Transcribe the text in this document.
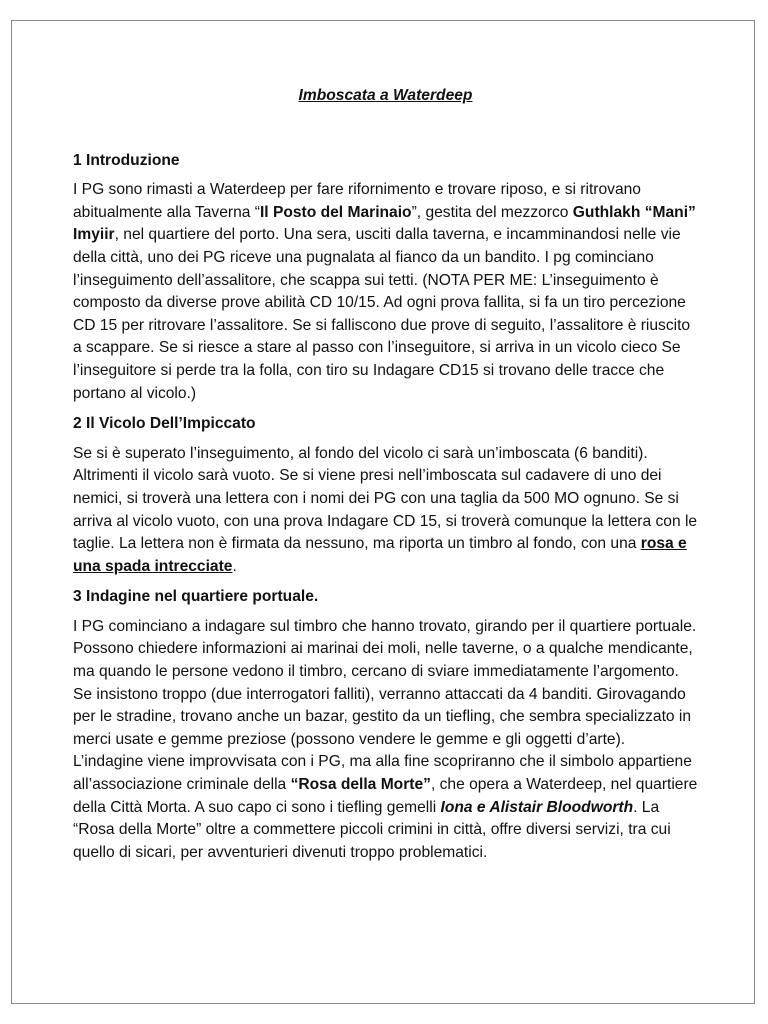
Imboscata a Waterdeep
1 Introduzione

I PG sono rimasti a Waterdeep per fare rifornimento e trovare riposo, e si ritrovano abitualmente alla Taverna “Il Posto del Marinaio”, gestita del mezzorco Guthlakh “Mani” Imyiir, nel quartiere del porto. Una sera, usciti dalla taverna, e incamminandosi nelle vie della città, uno dei PG riceve una pugnalata al fianco da un bandito. I pg cominciano l’inseguimento dell’assalitore, che scappa sui tetti. (NOTA PER ME: L’inseguimento è composto da diverse prove abilità CD 10/15. Ad ogni prova fallita, si fa un tiro percezione CD 15 per ritrovare l’assalitore. Se si falliscono due prove di seguito, l’assalitore è riuscito a scappare. Se si riesce a stare al passo con l’inseguitore, si arriva in un vicolo cieco Se l’inseguitore si perde tra la folla, con tiro su Indagare CD15 si trovano delle tracce che portano al vicolo.)

2 Il Vicolo Dell’Impiccato

Se si è superato l’inseguimento, al fondo del vicolo ci sarà un’imboscata (6 banditi). Altrimenti il vicolo sarà vuoto. Se si viene presi nell’imboscata sul cadavere di uno dei nemici, si troverà una lettera con i nomi dei PG con una taglia da 500 MO ognuno. Se si arriva al vicolo vuoto, con una prova Indagare CD 15, si troverà comunque la lettera con le taglie. La lettera non è firmata da nessuno, ma riporta un timbro al fondo, con una rosa e una spada intrecciate.

3 Indagine nel quartiere portuale.

I PG cominciano a indagare sul timbro che hanno trovato, girando per il quartiere portuale. Possono chiedere informazioni ai marinai dei moli, nelle taverne, o a qualche mendicante, ma quando le persone vedono il timbro, cercano di sviare immediatamente l’argomento. Se insistono troppo (due interrogatori falliti), verranno attaccati da 4 banditi. Girovagando per le stradine, trovano anche un bazar, gestito da un tiefling, che sembra specializzato in merci usate e gemme preziose (possono vendere le gemme e gli oggetti d’arte). L’indagine viene improvvisata con i PG, ma alla fine scopriranno che il simbolo appartiene all’associazione criminale della “Rosa della Morte”, che opera a Waterdeep, nel quartiere della Città Morta. A suo capo ci sono i tiefling gemelli Iona e Alistair Bloodworth. La “Rosa della Morte” oltre a commettere piccoli crimini in città, offre diversi servizi, tra cui quello di sicari, per avventurieri divenuti troppo problematici.
